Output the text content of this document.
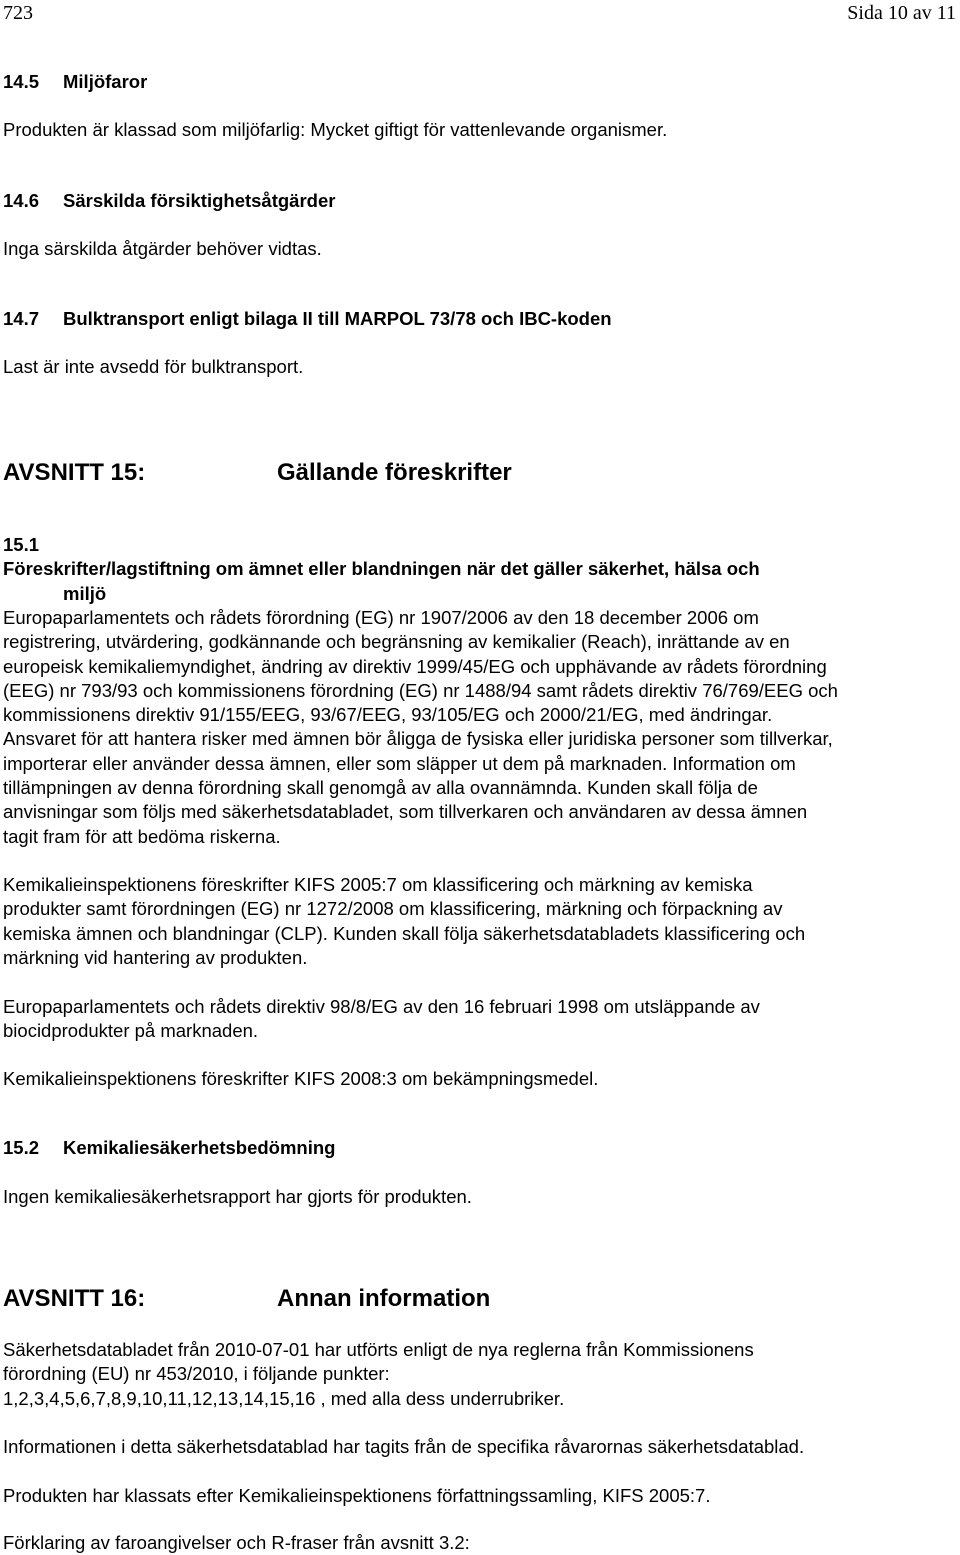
723	Sida 10 av 11
14.5 Miljöfaror
Produkten är klassad som miljöfarlig: Mycket giftigt för vattenlevande organismer.
14.6 Särskilda försiktighetsåtgärder
Inga särskilda åtgärder behöver vidtas.
14.7 Bulktransport enligt bilaga II till MARPOL 73/78 och IBC-koden
Last är inte avsedd för bulktransport.
AVSNITT 15:	Gällande föreskrifter
15.1
Föreskrifter/lagstiftning om ämnet eller blandningen när det gäller säkerhet, hälsa och
miljö
Europaparlamentets och rådets förordning (EG) nr 1907/2006 av den 18 december 2006 om
registrering, utvärdering, godkännande och begränsning av kemikalier (Reach), inrättande av en
europeisk kemikaliemyndighet, ändring av direktiv 1999/45/EG och upphävande av rådets förordning
(EEG) nr 793/93 och kommissionens förordning (EG) nr 1488/94 samt rådets direktiv 76/769/EEG och
kommissionens direktiv 91/155/EEG, 93/67/EEG, 93/105/EG och 2000/21/EG, med ändringar.
Ansvaret för att hantera risker med ämnen bör åligga de fysiska eller juridiska personer som tillverkar,
importerar eller använder dessa ämnen, eller som släpper ut dem på marknaden. Information om
tillämpningen av denna förordning skall genomgå av alla ovannämnda. Kunden skall följa de
anvisningar som följs med säkerhetsdatabladet, som tillverkaren och användaren av dessa ämnen
tagit fram för att bedöma riskerna.
Kemikalieinspektionens föreskrifter KIFS 2005:7 om klassificering och märkning av kemiska
produkter samt förordningen (EG) nr 1272/2008 om klassificering, märkning och förpackning av
kemiska ämnen och blandningar (CLP). Kunden skall följa säkerhetsdatabladets klassificering och
märkning vid hantering av produkten.
Europaparlamentets och rådets direktiv 98/8/EG av den 16 februari 1998 om utsläppande av
biocidprodukter på marknaden.
Kemikalieinspektionens föreskrifter KIFS 2008:3 om bekämpningsmedel.
15.2 Kemikaliesäkerhetsbedömning
Ingen kemikaliesäkerhetsrapport har gjorts för produkten.
AVSNITT 16:	Annan information
Säkerhetsdatabladet från 2010-07-01 har utförts enligt de nya reglerna från Kommissionens
förordning (EU) nr 453/2010, i följande punkter:
1,2,3,4,5,6,7,8,9,10,11,12,13,14,15,16 , med alla dess underrubriker.
Informationen i detta säkerhetsdatablad har tagits från de specifika råvarornas säkerhetsdatablad.
Produkten har klassats efter Kemikalieinspektionens författningssamling, KIFS 2005:7.
Förklaring av faroangivelser och R-fraser från avsnitt 3.2:
